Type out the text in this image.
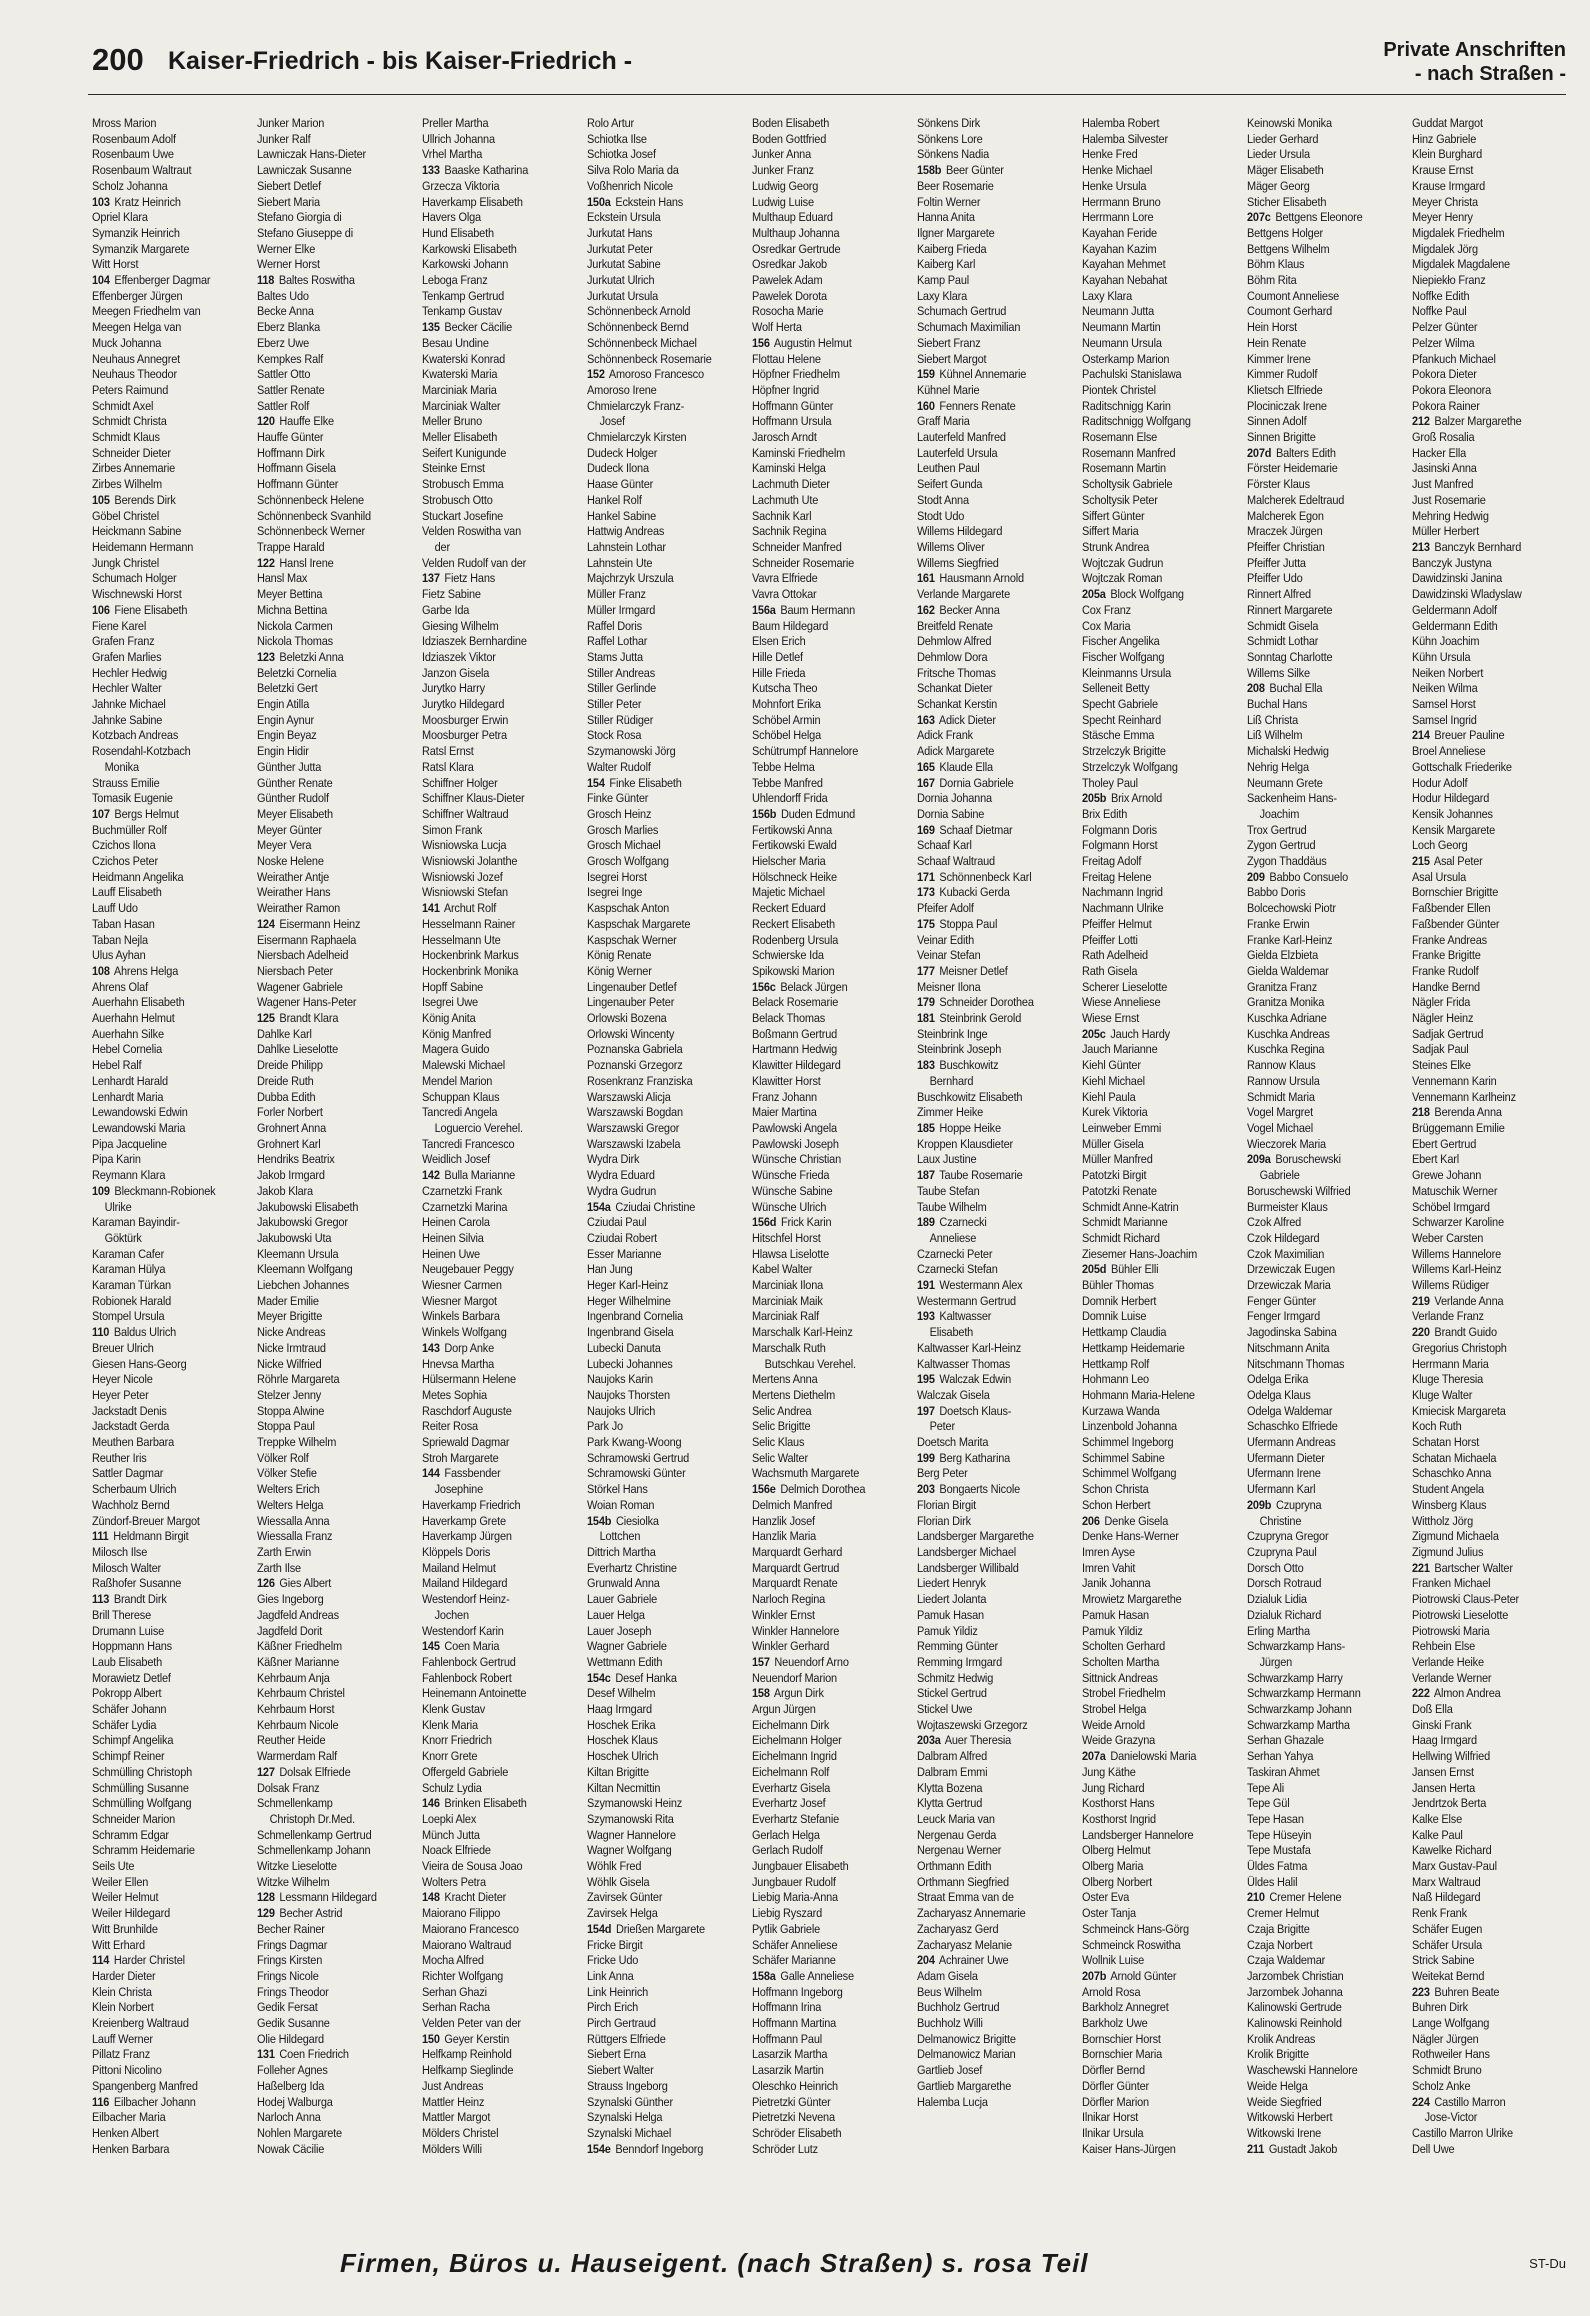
200 Kaiser-Friedrich - bis Kaiser-Friedrich -	Private Anschriften
- nach Straßen -
Mross Marion
Rosenbaum Adolf
Rosenbaum Uwe
Rosenbaum Waltraut
Scholz Johanna
103 Kratz Heinrich
Opriel Klara
Symanzik Heinrich
Symanzik Margarete
Witt Horst
104 Effenberger Dagmar
Effenberger Jürgen
Meegen Friedhelm van
Meegen Helga van
Muck Johanna
Neuhaus Annegret
Neuhaus Theodor
Peters Raimund
Schmidt Axel
Schmidt Christa
Schmidt Klaus
Schneider Dieter
Zirbes Annemarie
Zirbes Wilhelm
105 Berends Dirk
Göbel Christel
Heickmann Sabine
Heidemann Hermann
Jungk Christel
Schumach Holger
Wischnewski Horst
106 Fiene Elisabeth
Fiene Karel
Grafen Franz
Grafen Marlies
Hechler Hedwig
Hechler Walter
Jahnke Michael
Jahnke Sabine
Kotzbach Andreas
Rosendahl-Kotzbach
Monika
Strauss Emilie
Tomasik Eugenie
107 Bergs Helmut
Buchmüller Rolf
Czichos Ilona
Czichos Peter
Heidmann Angelika
Lauff Elisabeth
Lauff Udo
Taban Hasan
Taban Nejla
Ulus Ayhan
108 Ahrens Helga
Ahrens Olaf
Auerhahn Elisabeth
Auerhahn Helmut
Auerhahn Silke
Hebel Cornelia
Hebel Ralf
Lenhardt Harald
Lenhardt Maria
Lewandowski Edwin
Lewandowski Maria
Pipa Jacqueline
Pipa Karin
Reymann Klara
109 Bleckmann-Robionek
Ulrike
Karaman Bayindir-
Göktürk
Karaman Cafer
Karaman Hülya
Karaman Türkan
Robionek Harald
Stompel Ursula
110 Baldus Ulrich
Breuer Ulrich
Giesen Hans-Georg
Heyer Nicole
Heyer Peter
Jackstadt Denis
Jackstadt Gerda
Meuthen Barbara
Reuther Iris
Sattler Dagmar
Scherbaum Ulrich
Wachholz Bernd
Zündorf-Breuer Margot
111 Heldmann Birgit
Milosch Ilse
Milosch Walter
Raßhofer Susanne
113 Brandt Dirk
Brill Therese
Drumann Luise
Hoppmann Hans
Laub Elisabeth
Morawietz Detlef
Pokropp Albert
Schäfer Johann
Schäfer Lydia
Schimpf Angelika
Schimpf Reiner
Schmülling Christoph
Schmülling Susanne
Schmülling Wolfgang
Schneider Marion
Schramm Edgar
Schramm Heidemarie
Seils Ute
Weiler Ellen
Weiler Helmut
Weiler Hildegard
Witt Brunhilde
Witt Erhard
114 Harder Christel
Harder Dieter
Klein Christa
Klein Norbert
Kreienberg Waltraud
Lauff Werner
Pillatz Franz
Pittoni Nicolino
Spangenberg Manfred
116 Eilbacher Johann
Eilbacher Maria
Henken Albert
Henken Barbara
Junker Marion
Junker Ralf
Lawniczak Hans-Dieter
Lawniczak Susanne
Siebert Detlef
Siebert Maria
Stefano Giorgia di
Stefano Giuseppe di
Werner Elke
Werner Horst
118 Baltes Roswitha
Baltes Udo
Becke Anna
Eberz Blanka
Eberz Uwe
Kempkes Ralf
Sattler Otto
Sattler Renate
Sattler Rolf
120 Hauffe Elke
Hauffe Günter
Hoffmann Dirk
Hoffmann Gisela
Hoffmann Günter
Schönnenbeck Helene
Schönnenbeck Svanhild
Schönnenbeck Werner
Trappe Harald
122 Hansl Irene
Hansl Max
Meyer Bettina
Michna Bettina
Nickola Carmen
Nickola Thomas
123 Beletzki Anna
Beletzki Cornelia
Beletzki Gert
Engin Atilla
Engin Aynur
Engin Beyaz
Engin Hidir
Günther Jutta
Günther Renate
Günther Rudolf
Meyer Elisabeth
Meyer Günter
Meyer Vera
Noske Helene
Weirather Antje
Weirather Hans
Weirather Ramon
124 Eisermann Heinz
Eisermann Raphaela
Niersbach Adelheid
Niersbach Peter
Wagener Gabriele
Wagener Hans-Peter
125 Brandt Klara
Dahlke Karl
Dahlke Lieselotte
Dreide Philipp
Dreide Ruth
Dubba Edith
Forler Norbert
Grohnert Anna
Grohnert Karl
Hendriks Beatrix
Jakob Irmgard
Jakob Klara
Jakubowski Elisabeth
Jakubowski Gregor
Jakubowski Uta
Kleemann Ursula
Kleemann Wolfgang
Liebchen Johannes
Mader Emilie
Meyer Brigitte
Nicke Andreas
Nicke Irmtraud
Nicke Wilfried
Röhrle Margareta
Stelzer Jenny
Stoppa Alwine
Stoppa Paul
Treppke Wilhelm
Völker Rolf
Völker Stefie
Welters Erich
Welters Helga
Wiessalla Anna
Wiessalla Franz
Zarth Erwin
Zarth Ilse
126 Gies Albert
Gies Ingeborg
Jagdfeld Andreas
Jagdfeld Dorit
Käßner Friedhelm
Käßner Marianne
Kehrbaum Anja
Kehrbaum Christel
Kehrbaum Horst
Kehrbaum Nicole
Reuther Heide
Warmerdam Ralf
127 Dolsak Elfriede
Dolsak Franz
Schmellenkamp
Christoph Dr.Med.
Schmellenkamp Gertrud
Schmellenkamp Johann
Witzke Lieselotte
Witzke Wilhelm
128 Lessmann Hildegard
129 Becher Astrid
Becher Rainer
Frings Dagmar
Frings Kirsten
Frings Nicole
Frings Theodor
Gedik Fersat
Gedik Susanne
Olie Hildegard
131 Coen Friedrich
Folleher Agnes
Haßelberg Ida
Hodej Walburga
Narloch Anna
Nohlen Margarete
Nowak Cäcilie
Preller Martha
Ullrich Johanna
Vrhel Martha
133 Baaske Katharina
Grzecza Viktoria
Haverkamp Elisabeth
Havers Olga
Hund Elisabeth
Karkowski Elisabeth
Karkowski Johann
Leboga Franz
Tenkamp Gertrud
Tenkamp Gustav
135 Becker Cäcilie
Besau Undine
Kwaterski Konrad
Kwaterski Maria
Marciniak Maria
Marciniak Walter
Meller Bruno
Meller Elisabeth
Seifert Kunigunde
Steinke Ernst
Strobusch Emma
Strobusch Otto
Stuckart Josefine
Velden Roswitha van
der
Velden Rudolf van der
137 Fietz Hans
Fietz Sabine
Garbe Ida
Giesing Wilhelm
Idziaszek Bernhardine
Idziaszek Viktor
Janzon Gisela
Jurytko Harry
Jurytko Hildegard
Moosburger Erwin
Moosburger Petra
Ratsl Ernst
Ratsl Klara
Schiffner Holger
Schiffner Klaus-Dieter
Schiffner Waltraud
Simon Frank
Wisniowska Lucja
Wisniowski Jolanthe
Wisniowski Jozef
Wisniowski Stefan
141 Archut Rolf
Hesselmann Rainer
Hesselmann Ute
Hockenbrink Markus
Hockenbrink Monika
Hopff Sabine
Isegrei Uwe
König Anita
König Manfred
Magera Guido
Malewski Michael
Mendel Marion
Schuppan Klaus
Tancredi Angela
Loguercio Verehel.
Tancredi Francesco
Weidlich Josef
142 Bulla Marianne
Czarnetzki Frank
Czarnetzki Marina
Heinen Carola
Heinen Silvia
Heinen Uwe
Neugebauer Peggy
Wiesner Carmen
Wiesner Margot
Winkels Barbara
Winkels Wolfgang
143 Dorp Anke
Hnevsa Martha
Hülsermann Helene
Metes Sophia
Raschdorf Auguste
Reiter Rosa
Spriewald Dagmar
Stroh Margarete
144 Fassbender
Josephine
Haverkamp Friedrich
Haverkamp Grete
Haverkamp Jürgen
Klöppels Doris
Mailand Helmut
Mailand Hildegard
Westendorf Heinz-
Jochen
Westendorf Karin
145 Coen Maria
Fahlenbock Gertrud
Fahlenbock Robert
Heinemann Antoinette
Klenk Gustav
Klenk Maria
Knorr Friedrich
Knorr Grete
Offergeld Gabriele
Schulz Lydia
146 Brinken Elisabeth
Loepki Alex
Münch Jutta
Noack Elfriede
Vieira de Sousa Joao
Wolters Petra
148 Kracht Dieter
Maiorano Filippo
Maiorano Francesco
Maiorano Waltraud
Mocha Alfred
Richter Wolfgang
Serhan Ghazi
Serhan Racha
Velden Peter van der
150 Geyer Kerstin
Helfkamp Reinhold
Helfkamp Sieglinde
Just Andreas
Mattler Heinz
Mattler Margot
Mölders Christel
Mölders Willi
Rolo Artur
Schiotka Ilse
Schiotka Josef
Silva Rolo Maria da
Voßhenrich Nicole
150a Eckstein Hans
Eckstein Ursula
Jurkutat Hans
Jurkutat Peter
Jurkutat Sabine
Jurkutat Ulrich
Jurkutat Ursula
Schönnenbeck Arnold
Schönnenbeck Bernd
Schönnenbeck Michael
Schönnenbeck Rosemarie
152 Amoroso Francesco
Amoroso Irene
Chmielarczyk Franz-
Josef
Chmielarczyk Kirsten
Dudeck Holger
Dudeck Ilona
Haase Günter
Hankel Rolf
Hankel Sabine
Hattwig Andreas
Lahnstein Lothar
Lahnstein Ute
Majchrzyk Urszula
Müller Franz
Müller Irmgard
Raffel Doris
Raffel Lothar
Stams Jutta
Stiller Andreas
Stiller Gerlinde
Stiller Peter
Stiller Rüdiger
Stock Rosa
Szymanowski Jörg
Walter Rudolf
154 Finke Elisabeth
Finke Günter
Grosch Heinz
Grosch Marlies
Grosch Michael
Grosch Wolfgang
Isegrei Horst
Isegrei Inge
Kaspschak Anton
Kaspschak Margarete
Kaspschak Werner
König Renate
König Werner
Lingenauber Detlef
Lingenauber Peter
Orlowski Bozena
Orlowski Wincenty
Poznanska Gabriela
Poznanski Grzegorz
Rosenkranz Franziska
Warszawski Alicja
Warszawski Bogdan
Warszawski Gregor
Warszawski Izabela
Wydra Dirk
Wydra Eduard
Wydra Gudrun
154a Cziudai Christine
Cziudai Paul
Cziudai Robert
Esser Marianne
Han Jung
Heger Karl-Heinz
Heger Wilhelmine
Ingenbrand Cornelia
Ingenbrand Gisela
Lubecki Danuta
Lubecki Johannes
Naujoks Karin
Naujoks Thorsten
Naujoks Ulrich
Park Jo
Park Kwang-Woong
Schramowski Gertrud
Schramowski Günter
Störkel Hans
Woian Roman
154b Ciesiolka
Lottchen
Dittrich Martha
Everhartz Christine
Grunwald Anna
Lauer Gabriele
Lauer Helga
Lauer Joseph
Wagner Gabriele
Wettmann Edith
154c Desef Hanka
Desef Wilhelm
Haag Irmgard
Hoschek Erika
Hoschek Klaus
Hoschek Ulrich
Kiltan Brigitte
Kiltan Necmittin
Szymanowski Heinz
Szymanowski Rita
Wagner Hannelore
Wagner Wolfgang
Wöhlk Fred
Wöhlk Gisela
Zavirsek Günter
Zavirsek Helga
154d Drießen Margarete
Fricke Birgit
Fricke Udo
Link Anna
Link Heinrich
Pirch Erich
Pirch Gertraud
Rüttgers Elfriede
Siebert Erna
Siebert Walter
Strauss Ingeborg
Szynalski Günther
Szynalski Helga
Szynalski Michael
154e Benndorf Ingeborg
Boden Elisabeth
Boden Gottfried
Junker Anna
Junker Franz
Ludwig Georg
Ludwig Luise
Multhaup Eduard
Multhaup Johanna
Osredkar Gertrude
Osredkar Jakob
Pawelek Adam
Pawelek Dorota
Rosocha Marie
Wolf Herta
156 Augustin Helmut
Flottau Helene
Höpfner Friedhelm
Höpfner Ingrid
Hoffmann Günter
Hoffmann Ursula
Jarosch Arndt
Kaminski Friedhelm
Kaminski Helga
Lachmuth Dieter
Lachmuth Ute
Sachnik Karl
Sachnik Regina
Schneider Manfred
Schneider Rosemarie
Vavra Elfriede
Vavra Ottokar
156a Baum Hermann
Baum Hildegard
Elsen Erich
Hille Detlef
Hille Frieda
Kutscha Theo
Mohnfort Erika
Schöbel Armin
Schöbel Helga
Schütrumpf Hannelore
Tebbe Helma
Tebbe Manfred
Uhlendorff Frida
156b Duden Edmund
Fertikowski Anna
Fertikowski Ewald
Hielscher Maria
Hölschneck Heike
Majetic Michael
Reckert Eduard
Reckert Elisabeth
Rodenberg Ursula
Schwierske Ida
Spikowski Marion
156c Belack Jürgen
Belack Rosemarie
Belack Thomas
Boßmann Gertrud
Hartmann Hedwig
Klawitter Hildegard
Klawitter Horst
Franz Johann
Maier Martina
Pawlowski Angela
Pawlowski Joseph
Wünsche Christian
Wünsche Frieda
Wünsche Sabine
Wünsche Ulrich
156d Frick Karin
Hitschfel Horst
Hlawsa Liselotte
Kabel Walter
Marciniak Ilona
Marciniak Maik
Marciniak Ralf
Marschalk Karl-Heinz
Marschalk Ruth
Butschkau Verehel.
Mertens Anna
Mertens Diethelm
Selic Andrea
Selic Brigitte
Selic Klaus
Selic Walter
Wachsmuth Margarete
156e Delmich Dorothea
Delmich Manfred
Hanzlik Josef
Hanzlik Maria
Marquardt Gerhard
Marquardt Gertrud
Marquardt Renate
Narloch Regina
Winkler Ernst
Winkler Hannelore
Winkler Gerhard
157 Neuendorf Arno
Neuendorf Marion
158 Argun Dirk
Argun Jürgen
Eichelmann Dirk
Eichelmann Holger
Eichelmann Ingrid
Eichelmann Rolf
Everhartz Gisela
Everhartz Josef
Everhartz Stefanie
Gerlach Helga
Gerlach Rudolf
Jungbauer Elisabeth
Jungbauer Rudolf
Liebig Maria-Anna
Liebig Ryszard
Pytlik Gabriele
Schäfer Anneliese
Schäfer Marianne
158a Galle Anneliese
Hoffmann Ingeborg
Hoffmann Irina
Hoffmann Martina
Hoffmann Paul
Lasarzik Martha
Lasarzik Martin
Oleschko Heinrich
Pietretzki Günter
Pietretzki Nevena
Schröder Elisabeth
Schröder Lutz
Sönkens Dirk
Sönkens Lore
Sönkens Nadia
158b Beer Günter
Beer Rosemarie
Foltin Werner
Hanna Anita
Ilgner Margarete
Kaiberg Frieda
Kaiberg Karl
Kamp Paul
Laxy Klara
Schumach Gertrud
Schumach Maximilian
Siebert Franz
Siebert Margot
159 Kühnel Annemarie
Kühnel Marie
160 Fenners Renate
Graff Maria
Lauterfeld Manfred
Lauterfeld Ursula
Leuthen Paul
Seifert Gunda
Stodt Anna
Stodt Udo
Willems Hildegard
Willems Oliver
Willems Siegfried
161 Hausmann Arnold
Verlande Margarete
162 Becker Anna
Breitfeld Renate
Dehmlow Alfred
Dehmlow Dora
Fritsche Thomas
Schankat Dieter
Schankat Kerstin
163 Adick Dieter
Adick Frank
Adick Margarete
165 Klaude Ella
167 Dornia Gabriele
Dornia Johanna
Dornia Sabine
169 Schaaf Dietmar
Schaaf Karl
Schaaf Waltraud
171 Schönnenbeck Karl
173 Kubacki Gerda
Pfeifer Adolf
175 Stoppa Paul
Veinar Edith
Veinar Stefan
177 Meisner Detlef
Meisner Ilona
179 Schneider Dorothea
181 Steinbrink Gerold
Steinbrink Inge
Steinbrink Joseph
183 Buschkowitz
Bernhard
Buschkowitz Elisabeth
Zimmer Heike
185 Hoppe Heike
Kroppen Klausdieter
Laux Justine
187 Taube Rosemarie
Taube Stefan
Taube Wilhelm
189 Czarnecki
Anneliese
Czarnecki Peter
Czarnecki Stefan
191 Westermann Alex
Westermann Gertrud
193 Kaltwasser
Elisabeth
Kaltwasser Karl-Heinz
Kaltwasser Thomas
195 Walczak Edwin
Walczak Gisela
197 Doetsch Klaus-
Peter
Doetsch Marita
199 Berg Katharina
Berg Peter
203 Bongaerts Nicole
Florian Birgit
Florian Dirk
Landsberger Margarethe
Landsberger Michael
Landsberger Willibald
Liedert Henryk
Liedert Jolanta
Pamuk Hasan
Pamuk Yildiz
Remming Günter
Remming Irmgard
Schmitz Hedwig
Stickel Gertrud
Stickel Uwe
Wojtaszewski Grzegorz
203a Auer Theresia
Dalbram Alfred
Dalbram Emmi
Klytta Bozena
Klytta Gertrud
Leuck Maria van
Nergenau Gerda
Nergenau Werner
Orthmann Edith
Orthmann Siegfried
Straat Emma van de
Zacharyasz Annemarie
Zacharyasz Gerd
Zacharyasz Melanie
204 Achrainer Uwe
Adam Gisela
Beus Wilhelm
Buchholz Gertrud
Buchholz Willi
Delmanowicz Brigitte
Delmanowicz Marian
Gartlieb Josef
Gartlieb Margarethe
Halemba Lucja
Halemba Robert
Halemba Silvester
Henke Fred
Henke Michael
Henke Ursula
Herrmann Bruno
Herrmann Lore
Kayahan Feride
Kayahan Kazim
Kayahan Mehmet
Kayahan Nebahat
Laxy Klara
Neumann Jutta
Neumann Martin
Neumann Ursula
Osterkamp Marion
Pachulski Stanislawa
Piontek Christel
Raditschnigg Karin
Raditschnigg Wolfgang
Rosemann Else
Rosemann Manfred
Rosemann Martin
Scholtysik Gabriele
Scholtysik Peter
Siffert Günter
Siffert Maria
Strunk Andrea
Wojtczak Gudrun
Wojtczak Roman
205a Block Wolfgang
Cox Franz
Cox Maria
Fischer Angelika
Fischer Wolfgang
Kleinmanns Ursula
Selleneit Betty
Specht Gabriele
Specht Reinhard
Stäsche Emma
Strzelczyk Brigitte
Strzelczyk Wolfgang
Tholey Paul
205b Brix Arnold
Brix Edith
Folgmann Doris
Folgmann Horst
Freitag Adolf
Freitag Helene
Nachmann Ingrid
Nachmann Ulrike
Pfeiffer Helmut
Pfeiffer Lotti
Rath Adelheid
Rath Gisela
Scherer Lieselotte
Wiese Anneliese
Wiese Ernst
205c Jauch Hardy
Jauch Marianne
Kiehl Günter
Kiehl Michael
Kiehl Paula
Kurek Viktoria
Leinweber Emmi
Müller Gisela
Müller Manfred
Patotzki Birgit
Patotzki Renate
Schmidt Anne-Katrin
Schmidt Marianne
Schmidt Richard
Ziesemer Hans-Joachim
205d Bühler Elli
Bühler Thomas
Domnik Herbert
Domnik Luise
Hettkamp Claudia
Hettkamp Heidemarie
Hettkamp Rolf
Hohmann Leo
Hohmann Maria-Helene
Kurzawa Wanda
Linzenbold Johanna
Schimmel Ingeborg
Schimmel Sabine
Schimmel Wolfgang
Schon Christa
Schon Herbert
206 Denke Gisela
Denke Hans-Werner
Imren Ayse
Imren Vahit
Janik Johanna
Mrowietz Margarethe
Pamuk Hasan
Pamuk Yildiz
Scholten Gerhard
Scholten Martha
Sittnick Andreas
Strobel Friedhelm
Strobel Helga
Weide Arnold
Weide Grazyna
207a Danielowski Maria
Jung Käthe
Jung Richard
Kosthorst Hans
Kosthorst Ingrid
Landsberger Hannelore
Olberg Helmut
Olberg Maria
Olberg Norbert
Oster Eva
Oster Tanja
Schmeinck Hans-Görg
Schmeinck Roswitha
Wollnik Luise
207b Arnold Günter
Arnold Rosa
Barkholz Annegret
Barkholz Uwe
Bornschier Horst
Bornschier Maria
Dörfler Bernd
Dörfler Günter
Dörfler Marion
Ilnikar Horst
Ilnikar Ursula
Kaiser Hans-Jürgen
Keinowski Monika
Lieder Gerhard
Lieder Ursula
Mäger Elisabeth
Mäger Georg
Sticher Elisabeth
207c Bettgens Eleonore
Bettgens Holger
Bettgens Wilhelm
Böhm Klaus
Böhm Rita
Coumont Anneliese
Coumont Gerhard
Hein Horst
Hein Renate
Kimmer Irene
Kimmer Rudolf
Klietsch Elfriede
Plociniczak Irene
Sinnen Adolf
Sinnen Brigitte
207d Balters Edith
Förster Heidemarie
Förster Klaus
Malcherek Edeltraud
Malcherek Egon
Mraczek Jürgen
Pfeiffer Christian
Pfeiffer Jutta
Pfeiffer Udo
Rinnert Alfred
Rinnert Margarete
Schmidt Gisela
Schmidt Lothar
Sonntag Charlotte
Willems Silke
208 Buchal Ella
Buchal Hans
Liß Christa
Liß Wilhelm
Michalski Hedwig
Nehrig Helga
Neumann Grete
Sackenheim Hans-
Joachim
Trox Gertrud
Zygon Gertrud
Zygon Thaddäus
209 Babbo Consuelo
Babbo Doris
Bolcechowski Piotr
Franke Erwin
Franke Karl-Heinz
Gielda Elzbieta
Gielda Waldemar
Granitza Franz
Granitza Monika
Kuschka Adriane
Kuschka Andreas
Kuschka Regina
Rannow Klaus
Rannow Ursula
Schmidt Maria
Vogel Margret
Vogel Michael
Wieczorek Maria
209a Boruschewski
Gabriele
Boruschewski Wilfried
Burmeister Klaus
Czok Alfred
Czok Hildegard
Czok Maximilian
Drzewiczak Eugen
Drzewiczak Maria
Fenger Günter
Fenger Irmgard
Jagodinska Sabina
Nitschmann Anita
Nitschmann Thomas
Odelga Erika
Odelga Klaus
Odelga Waldemar
Schaschko Elfriede
Ufermann Andreas
Ufermann Dieter
Ufermann Irene
Ufermann Karl
209b Czupryna
Christine
Czupryna Gregor
Czupryna Paul
Dorsch Otto
Dorsch Rotraud
Dzialuk Lidia
Dzialuk Richard
Erling Martha
Schwarzkamp Hans-
Jürgen
Schwarzkamp Harry
Schwarzkamp Hermann
Schwarzkamp Johann
Schwarzkamp Martha
Serhan Ghazale
Serhan Yahya
Taskiran Ahmet
Tepe Ali
Tepe Gül
Tepe Hasan
Tepe Hüseyin
Tepe Mustafa
Üldes Fatma
Üldes Halil
210 Cremer Helene
Cremer Helmut
Czaja Brigitte
Czaja Norbert
Czaja Waldemar
Jarzombek Christian
Jarzombek Johanna
Kalinowski Gertrude
Kalinowski Reinhold
Krolik Andreas
Krolik Brigitte
Waschewski Hannelore
Weide Helga
Weide Siegfried
Witkowski Herbert
Witkowski Irene
211 Gustadt Jakob
Guddat Margot
Hinz Gabriele
Klein Burghard
Krause Ernst
Krause Irmgard
Meyer Christa
Meyer Henry
Migdalek Friedhelm
Migdalek Jörg
Migdalek Magdalene
Niepiekło Franz
Noffke Edith
Noffke Paul
Pelzer Günter
Pelzer Wilma
Pfankuch Michael
Pokora Dieter
Pokora Eleonora
Pokora Rainer
212 Balzer Margarethe
Groß Rosalia
Hacker Ella
Jasinski Anna
Just Manfred
Just Rosemarie
Mehring Hedwig
Müller Herbert
213 Banczyk Bernhard
Banczyk Justyna
Dawidzinski Janina
Dawidzinski Wladyslaw
Geldermann Adolf
Geldermann Edith
Kühn Joachim
Kühn Ursula
Neiken Norbert
Neiken Wilma
Samsel Horst
Samsel Ingrid
214 Breuer Pauline
Broel Anneliese
Gottschalk Friederike
Hodur Adolf
Hodur Hildegard
Kensik Johannes
Kensik Margarete
Loch Georg
215 Asal Peter
Asal Ursula
Bornschier Brigitte
Faßbender Ellen
Faßbender Günter
Franke Andreas
Franke Brigitte
Franke Rudolf
Handke Bernd
Nägler Frida
Nägler Heinz
Sadjak Gertrud
Sadjak Paul
Steines Elke
Vennemann Karin
Vennemann Karlheinz
218 Berenda Anna
Brüggemann Emilie
Ebert Gertrud
Ebert Karl
Grewe Johann
Matuschik Werner
Schöbel Irmgard
Schwarzer Karoline
Weber Carsten
Willems Hannelore
Willems Karl-Heinz
Willems Rüdiger
219 Verlande Anna
Verlande Franz
220 Brandt Guido
Gregorius Christoph
Herrmann Maria
Kluge Theresia
Kluge Walter
Kmiecisk Margareta
Koch Ruth
Schatan Horst
Schatan Michaela
Schaschko Anna
Student Angela
Winsberg Klaus
Wittholz Jörg
Zigmund Michaela
Zigmund Julius
221 Bartscher Walter
Franken Michael
Piotrowski Claus-Peter
Piotrowski Lieselotte
Piotrowski Maria
Rehbein Else
Verlande Heike
Verlande Werner
222 Almon Andrea
Doß Ella
Ginski Frank
Haag Irmgard
Hellwing Wilfried
Jansen Ernst
Jansen Herta
Jendrtzok Berta
Kalke Else
Kalke Paul
Kawelke Richard
Marx Gustav-Paul
Marx Waltraud
Naß Hildegard
Renk Frank
Schäfer Eugen
Schäfer Ursula
Strick Sabine
Weitekat Bernd
223 Buhren Beate
Buhren Dirk
Lange Wolfgang
Nägler Jürgen
Rothweiler Hans
Schmidt Bruno
Scholz Anke
224 Castillo Marron
Jose-Victor
Castillo Marron Ulrike
Dell Uwe
Firmen, Büros u. Hauseigent. (nach Straßen) s. rosa Teil	ST-Du
